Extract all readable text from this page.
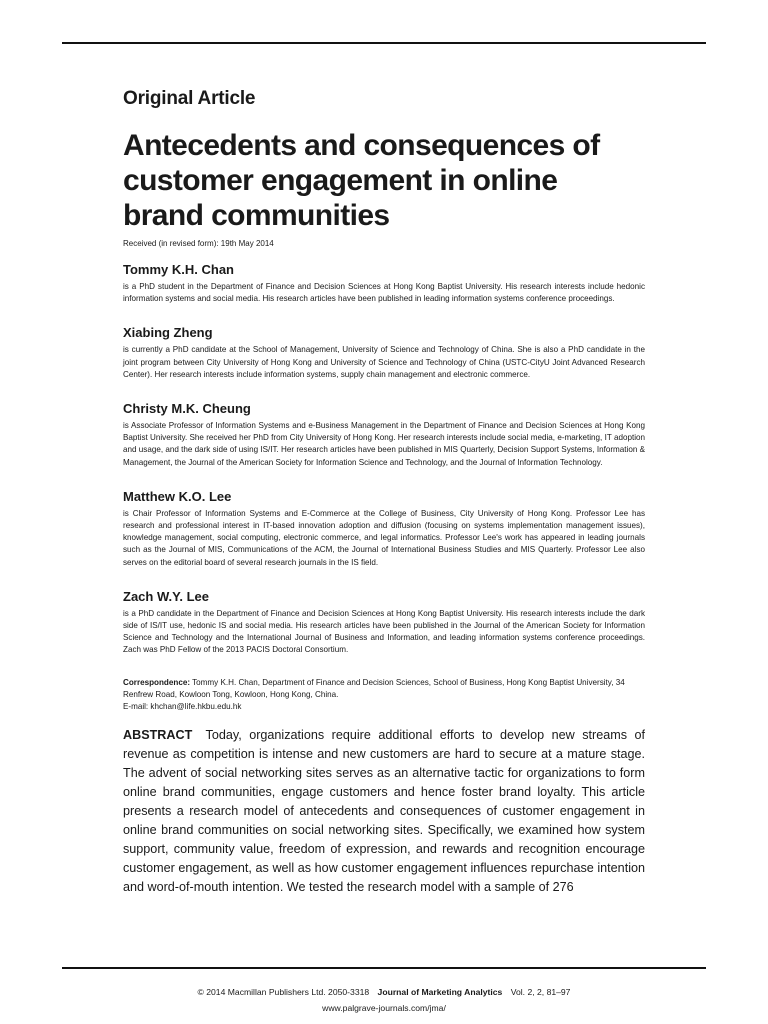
Original Article
Antecedents and consequences of customer engagement in online brand communities
Received (in revised form): 19th May 2014
Tommy K.H. Chan

is a PhD student in the Department of Finance and Decision Sciences at Hong Kong Baptist University. His research interests include hedonic information systems and social media. His research articles have been published in leading information systems conference proceedings.

Xiabing Zheng

is currently a PhD candidate at the School of Management, University of Science and Technology of China. She is also a PhD candidate in the joint program between City University of Hong Kong and University of Science and Technology of China (USTC-CityU Joint Advanced Research Center). Her research interests include information systems, supply chain management and electronic commerce.

Christy M.K. Cheung

is Associate Professor of Information Systems and e-Business Management in the Department of Finance and Decision Sciences at Hong Kong Baptist University. She received her PhD from City University of Hong Kong. Her research interests include social media, e-marketing, IT adoption and usage, and the dark side of using IS/IT. Her research articles have been published in MIS Quarterly, Decision Support Systems, Information & Management, the Journal of the American Society for Information Science and Technology, and the Journal of Information Technology.

Matthew K.O. Lee

is Chair Professor of Information Systems and E-Commerce at the College of Business, City University of Hong Kong. Professor Lee has research and professional interest in IT-based innovation adoption and diffusion (focusing on systems implementation management issues), knowledge management, social computing, electronic commerce, and legal informatics. Professor Lee's work has appeared in leading journals such as the Journal of MIS, Communications of the ACM, the Journal of International Business Studies and MIS Quarterly. Professor Lee also serves on the editorial board of several research journals in the IS field.

Zach W.Y. Lee

is a PhD candidate in the Department of Finance and Decision Sciences at Hong Kong Baptist University. His research interests include the dark side of IS/IT use, hedonic IS and social media. His research articles have been published in the Journal of the American Society for Information Science and Technology and the International Journal of Business and Information, and leading information systems conference proceedings. Zach was PhD Fellow of the 2013 PACIS Doctoral Consortium.

Correspondence: Tommy K.H. Chan, Department of Finance and Decision Sciences, School of Business, Hong Kong Baptist University, 34 Renfrew Road, Kowloon Tong, Kowloon, Hong Kong, China.
E-mail: khchan@life.hkbu.edu.hk

ABSTRACT Today, organizations require additional efforts to develop new streams of revenue as competition is intense and new customers are hard to secure at a mature stage. The advent of social networking sites serves as an alternative tactic for organizations to form online brand communities, engage customers and hence foster brand loyalty. This article presents a research model of antecedents and consequences of customer engagement in online brand communities on social networking sites. Specifically, we examined how system support, community value, freedom of expression, and rewards and recognition encourage customer engagement, as well as how customer engagement influences repurchase intention and word-of-mouth intention. We tested the research model with a sample of 276

© 2014 Macmillan Publishers Ltd. 2050-3318 Journal of Marketing Analytics Vol. 2, 2, 81–97
www.palgrave-journals.com/jma/
